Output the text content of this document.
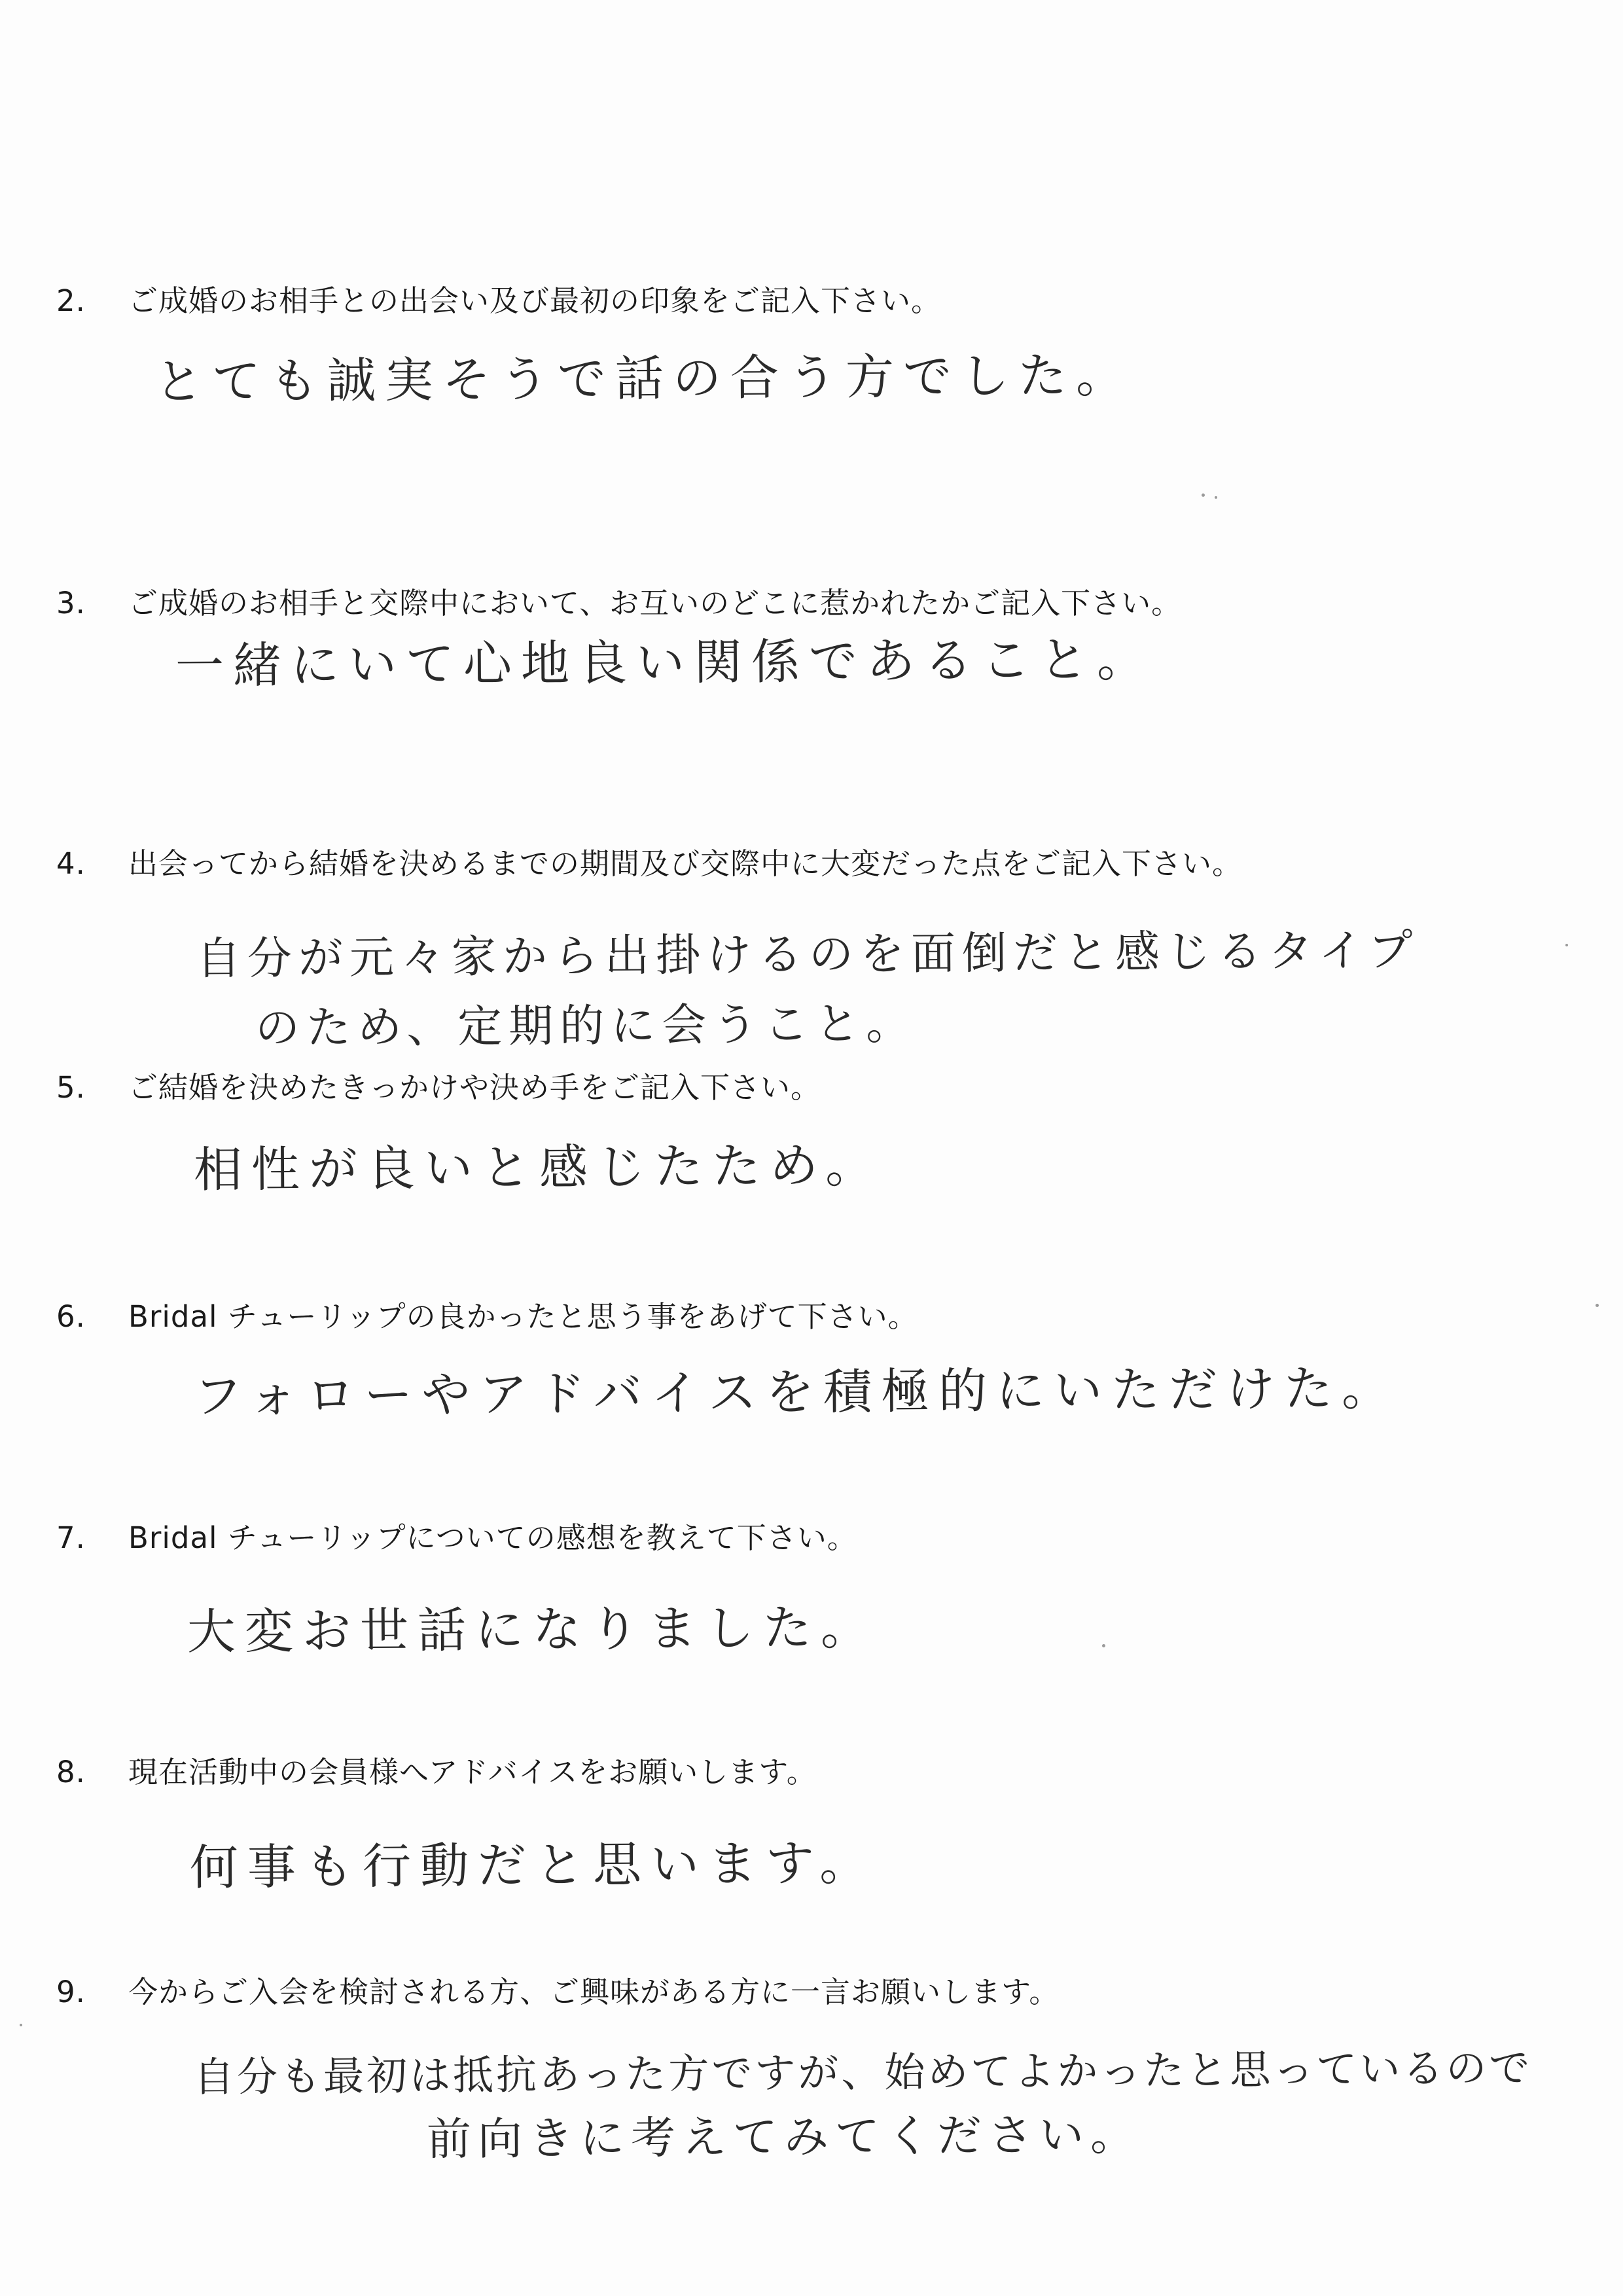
2. ご成婚のお相手との出会い及び最初の印象をご記入下さい。
とても誠実そうで話の合う方でした。
3. ご成婚のお相手と交際中において、お互いのどこに惹かれたかご記入下さい。
一緒にいて心地良い関係であること。
4. 出会ってから結婚を決めるまでの期間及び交際中に大変だった点をご記入下さい。
自分が元々家から出掛けるのを面倒だと感じるタイプ
のため、定期的に会うこと。
5. ご結婚を決めたきっかけや決め手をご記入下さい。
相性が良いと感じたため。
6. Bridal チューリップの良かったと思う事をあげて下さい。
フォローやアドバイスを積極的にいただけた。
7. Bridal チューリップについての感想を教えて下さい。
大変お世話になりました。
8. 現在活動中の会員様へアドバイスをお願いします。
何事も行動だと思います。
9. 今からご入会を検討される方、ご興味がある方に一言お願いします。
自分も最初は抵抗あった方ですが、始めてよかったと思っているので
前向きに考えてみてください。
